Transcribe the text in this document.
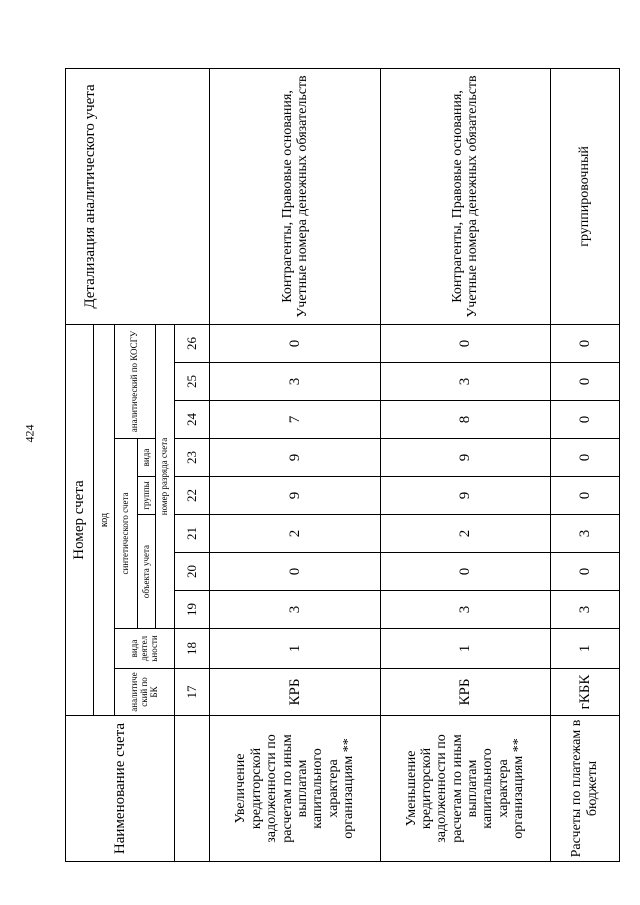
424
Наименование счета	Номер счета										Детализация аналитического учета
	код										
	аналитиче ский по БК	вида деятел ьности	синтетического счета					аналитический по КОСГУ			
			объекта учета			группы	вида				
			номер разряда счета								
	17	18	19	20	21	22	23	24	25	26	
Увеличение кредиторской задолженности по расчетам по иным выплатам капитального характера организациям **	КРБ	1	3	0	2	9	9	7	3	0	Контрагенты, Правовые основания, Учетные номера денежных обязательств
Уменьшение кредиторской задолженности по расчетам по иным выплатам капитального характера организациям **	КРБ	1	3	0	2	9	9	8	3	0	Контрагенты, Правовые основания, Учетные номера денежных обязательств
Расчеты по платежам в бюджеты	гКБК	1	3	0	3	0	0	0	0	0	группировочный
